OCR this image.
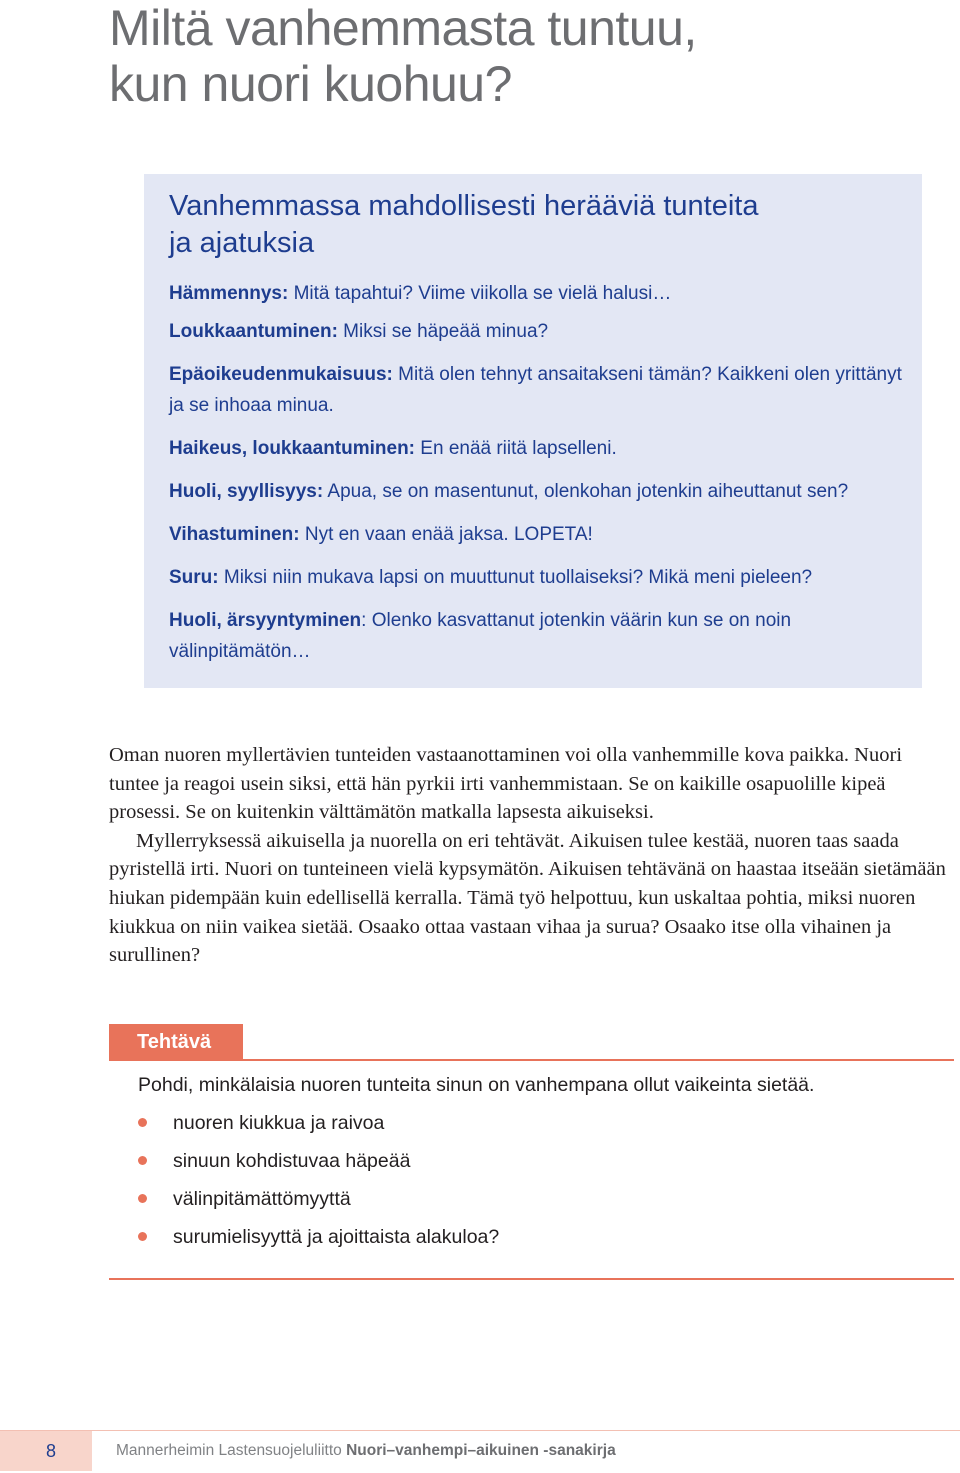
Miltä vanhemmasta tuntuu,
kun nuori kuohuu?
Vanhemmassa mahdollisesti herääviä tunteita
ja ajatuksia
Hämmennys: Mitä tapahtui? Viime viikolla se vielä halusi…
Loukkaantuminen: Miksi se häpeää minua?
Epäoikeudenmukaisuus: Mitä olen tehnyt ansaitakseni tämän? Kaikkeni olen yrittänyt ja se inhoaa minua.
Haikeus, loukkaantuminen: En enää riitä lapselleni.
Huoli, syyllisyys: Apua, se on masentunut, olenkohan jotenkin aiheuttanut sen?
Vihastuminen: Nyt en vaan enää jaksa. LOPETA!
Suru: Miksi niin mukava lapsi on muuttunut tuollaiseksi? Mikä meni pieleen?
Huoli, ärsyyntyminen: Olenko kasvattanut jotenkin väärin kun se on noin välinpitämätön…

Oman nuoren myllertävien tunteiden vastaanottaminen voi olla vanhemmille kova paikka. Nuori tuntee ja reagoi usein siksi, että hän pyrkii irti vanhemmistaan. Se on kaikille osapuolille kipeä prosessi. Se on kuitenkin välttämätön matkalla lapsesta aikuiseksi.

Myllerryksessä aikuisella ja nuorella on eri tehtävät. Aikuisen tulee kestää, nuoren taas saada pyristellä irti. Nuori on tunteineen vielä kypsymätön. Aikuisen tehtävänä on haastaa itseään sietämään hiukan pidempään kuin edellisellä kerralla. Tämä työ helpottuu, kun uskaltaa pohtia, miksi nuoren kiukkua on niin vaikea sietää. Osaako ottaa vastaan vihaa ja surua? Osaako itse olla vihainen ja surullinen?

Tehtävä

Pohdi, minkälaisia nuoren tunteita sinun on vanhempana ollut vaikeinta sietää.

nuoren kiukkua ja raivoa
sinuun kohdistuvaa häpeää
välinpitämättömyyttä
surumielisyyttä ja ajoittaista alakuloa?
8	Mannerheimin Lastensuojeluliitto Nuori–vanhempi–aikuinen -sanakirja
